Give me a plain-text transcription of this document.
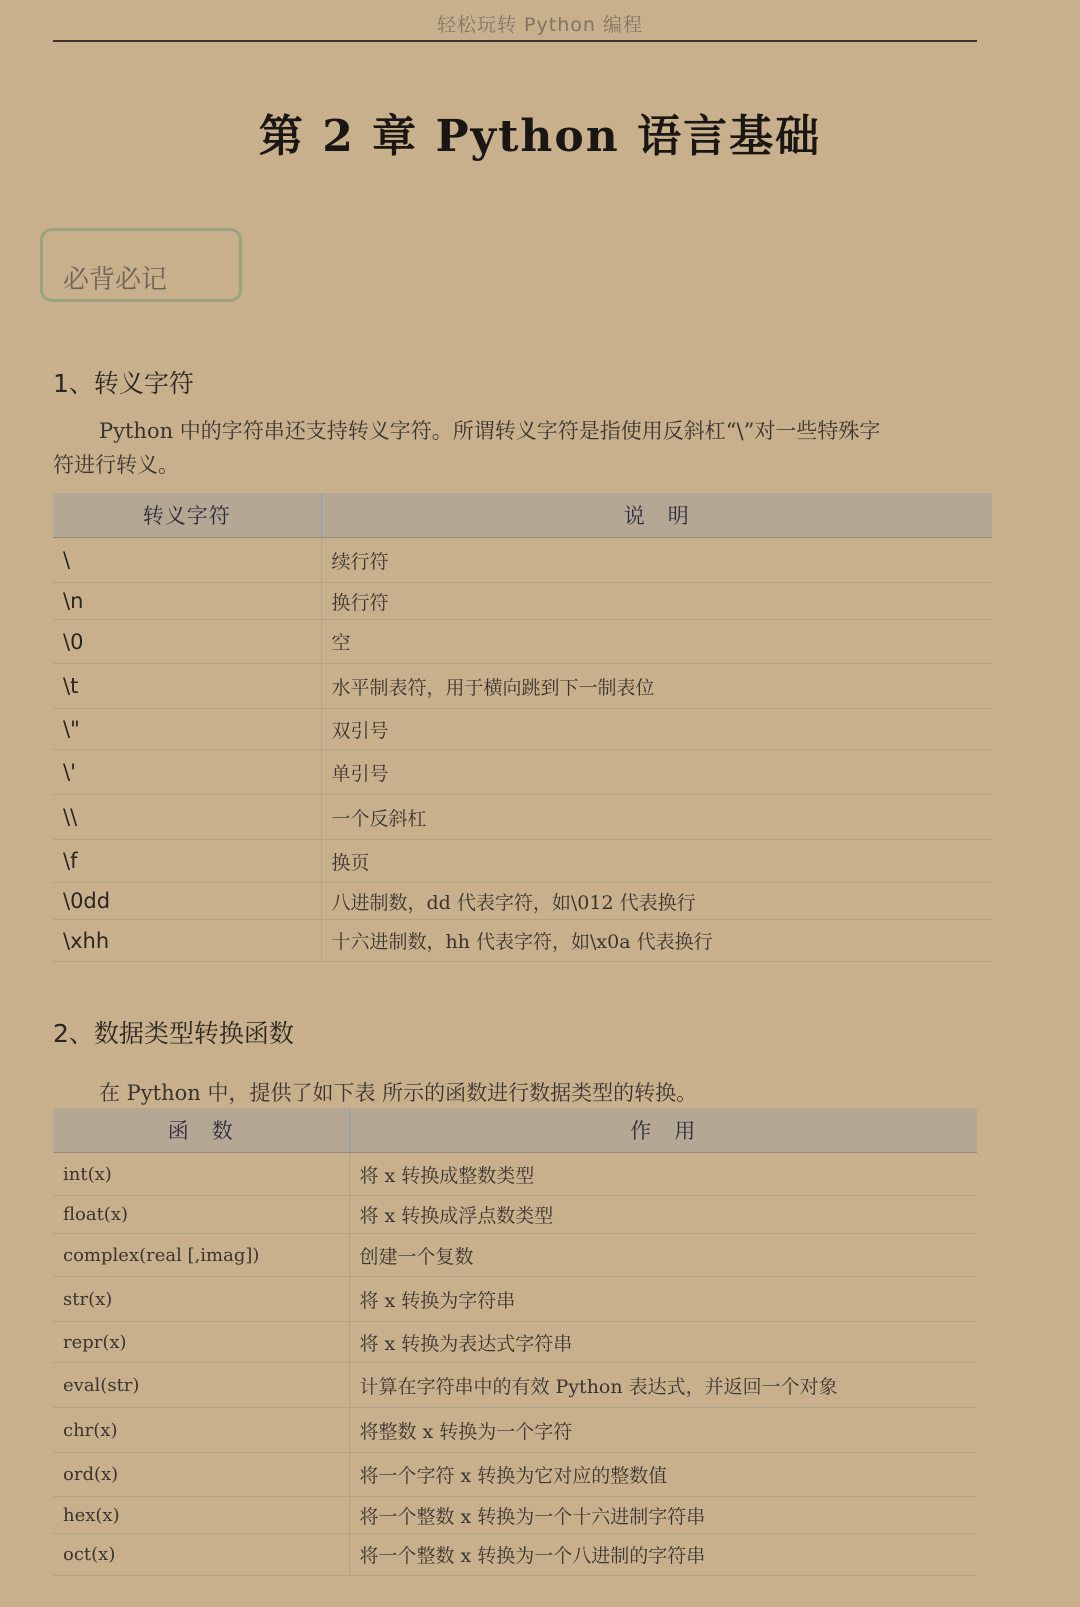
轻松玩转 Python 编程
第 2 章 Python 语言基础
必背必记
1、转义字符
Python 中的字符串还支持转义字符。所谓转义字符是指使用反斜杠“\”对一些特殊字
符进行转义。
转义字符	说　明
\	续行符
\n	换行符
\0	空
\t	水平制表符，用于横向跳到下一制表位
\"	双引号
\'	单引号
\\	一个反斜杠
\f	换页
\0dd	八进制数，dd 代表字符，如\012 代表换行
\xhh	十六进制数，hh 代表字符，如\x0a 代表换行
2、数据类型转换函数
在 Python 中，提供了如下表 所示的函数进行数据类型的转换。
函　数	作　用
int(x)	将 x 转换成整数类型
float(x)	将 x 转换成浮点数类型
complex(real [,imag])	创建一个复数
str(x)	将 x 转换为字符串
repr(x)	将 x 转换为表达式字符串
eval(str)	计算在字符串中的有效 Python 表达式，并返回一个对象
chr(x)	将整数 x 转换为一个字符
ord(x)	将一个字符 x 转换为它对应的整数值
hex(x)	将一个整数 x 转换为一个十六进制字符串
oct(x)	将一个整数 x 转换为一个八进制的字符串
